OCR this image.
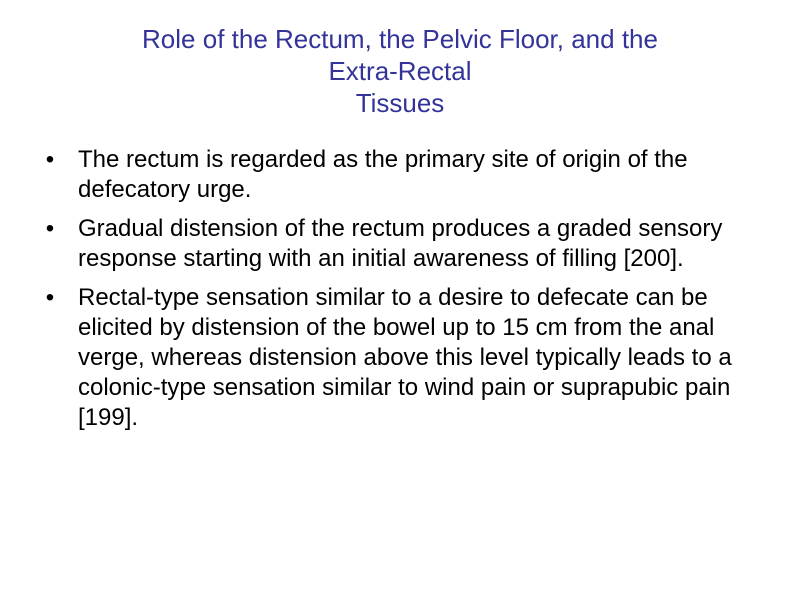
Role of the Rectum, the Pelvic Floor, and the
Extra-Rectal
Tissues
• The rectum is regarded as the primary site of origin of the defecatory urge.
• Gradual distension of the rectum produces a graded sensory response starting with an initial awareness of filling [200].
• Rectal-type sensation similar to a desire to defecate can be elicited by distension of the bowel up to 15 cm from the anal verge, whereas distension above this level typically leads to a colonic-type sensation similar to wind pain or suprapubic pain [199].
